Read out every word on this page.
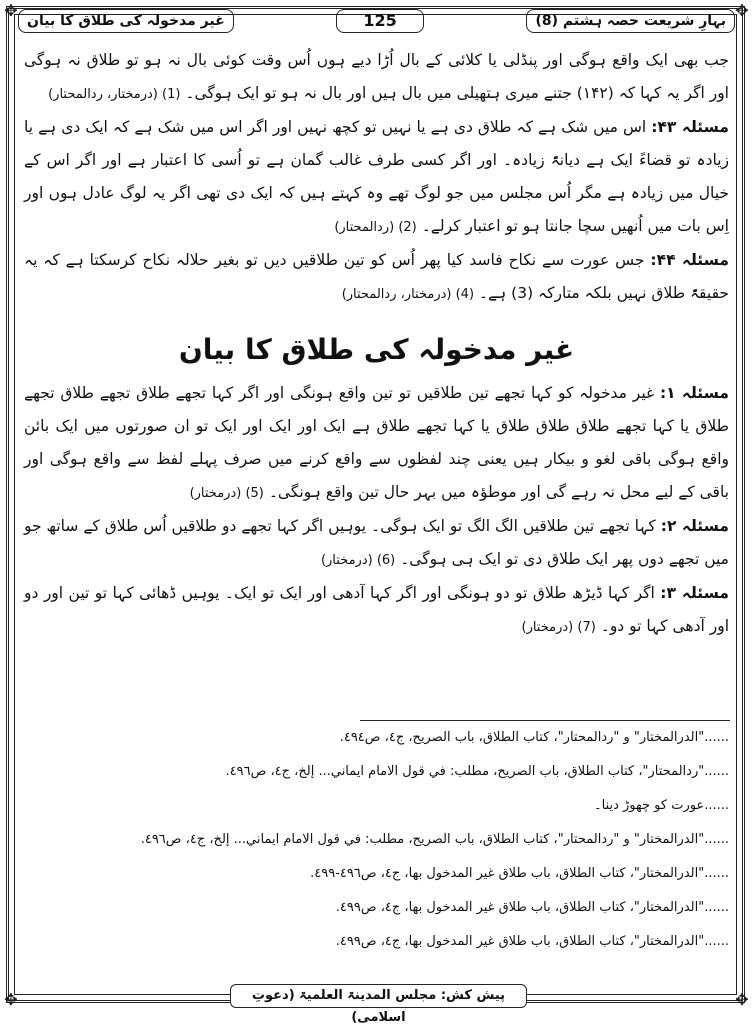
✥	✥
✥	✥
بہارِ شریعت حصہ ہشتم (8)
125
غیر مدخولہ کی طلاق کا بیان

جب بھی ایک واقع ہوگی اور پنڈلی یا کلائی کے بال اُڑا دیے ہوں اُس وقت کوئی بال نہ ہو تو طلاق نہ ہوگی اور اگر یہ کہا کہ (۱۴۲) جتنے میری ہتھیلی میں بال ہیں اور بال نہ ہو تو ایک ہوگی۔ (1) (درمختار، ردالمحتار)

مسئلہ ۴۳: اس میں شک ہے کہ طلاق دی ہے یا نہیں تو کچھ نہیں اور اگر اس میں شک ہے کہ ایک دی ہے یا زیادہ تو قضاءً ایک ہے دیانۃً زیادہ۔ اور اگر کسی طرف غالب گمان ہے تو اُسی کا اعتبار ہے اور اگر اس کے خیال میں زیادہ ہے مگر اُس مجلس میں جو لوگ تھے وہ کہتے ہیں کہ ایک دی تھی اگر یہ لوگ عادل ہوں اور اِس بات میں اُنھیں سچا جانتا ہو تو اعتبار کرلے۔ (2) (ردالمحتار)

مسئلہ ۴۴: جس عورت سے نکاح فاسد کیا پھر اُس کو تین طلاقیں دیں تو بغیر حلالہ نکاح کرسکتا ہے کہ یہ حقیقۃً طلاق نہیں بلکہ متارکہ (3) ہے۔ (4) (درمختار، ردالمحتار)

غیر مدخولہ کی طلاق کا بیان

مسئلہ ۱: غیر مدخولہ کو کہا تجھے تین طلاقیں تو تین واقع ہونگی اور اگر کہا تجھے طلاق تجھے طلاق تجھے طلاق یا کہا تجھے طلاق طلاق طلاق یا کہا تجھے طلاق ہے ایک اور ایک اور ایک تو ان صورتوں میں ایک بائن واقع ہوگی باقی لغو و بیکار ہیں یعنی چند لفظوں سے واقع کرنے میں صرف پہلے لفظ سے واقع ہوگی اور باقی کے لیے محل نہ رہے گی اور موطؤہ میں بہر حال تین واقع ہونگی۔ (5) (درمختار)

مسئلہ ۲: کہا تجھے تین طلاقیں الگ الگ تو ایک ہوگی۔ یوہیں اگر کہا تجھے دو طلاقیں اُس طلاق کے ساتھ جو میں تجھے دوں پھر ایک طلاق دی تو ایک ہی ہوگی۔ (6) (درمختار)

مسئلہ ۳: اگر کہا ڈیڑھ طلاق تو دو ہونگی اور اگر کہا آدھی اور ایک تو ایک۔ یوہیں ڈھائی کہا تو تین اور دو اور آدھی کہا تو دو۔ (7) (درمختار)

......"الدرالمختار" و "ردالمحتار"، كتاب الطلاق، باب الصريح، ج٤، ص٤٩٤.
......"ردالمحتار"، كتاب الطلاق، باب الصريح، مطلب: في قول الامام ايماني... إلخ، ج٤، ص٤٩٦.
......عورت کو چھوڑ دینا۔
......"الدرالمختار" و "ردالمحتار"، كتاب الطلاق، باب الصريح، مطلب: في قول الامام ايماني... إلخ، ج٤، ص٤٩٦.
......"الدرالمختار"، كتاب الطلاق، باب طلاق غير المدخول بها، ج٤، ص٤٩٦-٤٩٩.
......"الدرالمختار"، كتاب الطلاق، باب طلاق غير المدخول بها، ج٤، ص٤٩٩.
......"الدرالمختار"، كتاب الطلاق، باب طلاق غير المدخول بها، ج٤، ص٤٩٩.
پیش کش: مجلس المدینۃ العلمیۃ (دعوتِ اسلامی)
